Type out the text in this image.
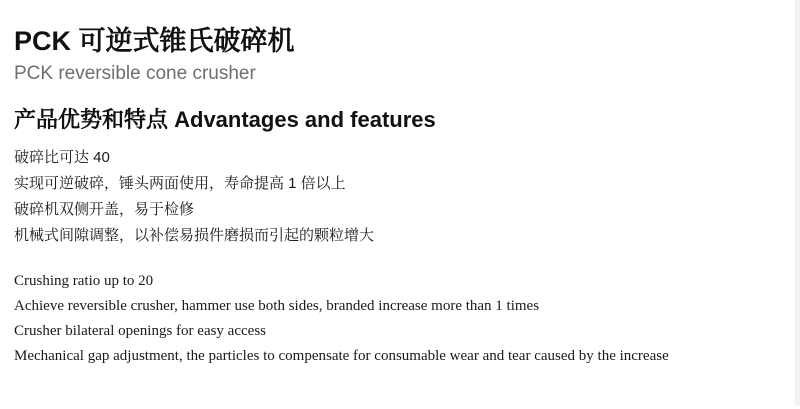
PCK 可逆式锥氏破碎机
PCK reversible cone crusher
产品优势和特点 Advantages and features
破碎比可达 40
实现可逆破碎，锤头两面使用，寿命提高 1 倍以上
破碎机双侧开盖，易于检修
机械式间隙调整，以补偿易损件磨损而引起的颗粒增大
Crushing ratio up to 20
Achieve reversible crusher, hammer use both sides, branded increase more than 1 times
Crusher bilateral openings for easy access
Mechanical gap adjustment, the particles to compensate for consumable wear and tear caused by the increase
